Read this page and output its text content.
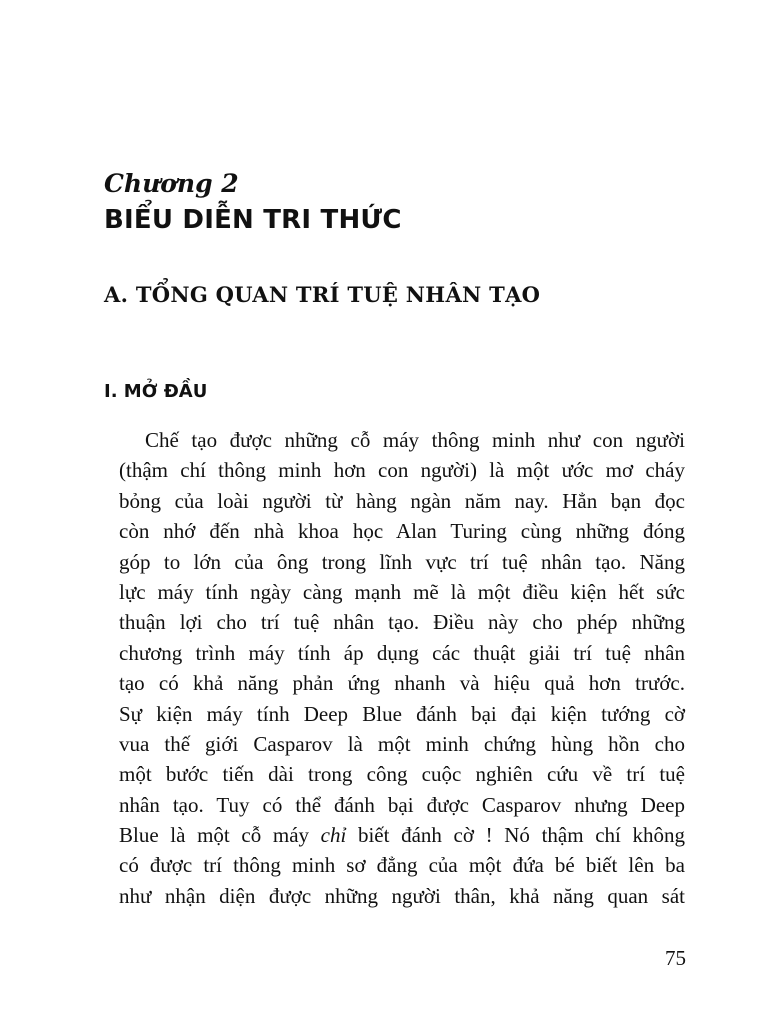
Chương 2
BIỂU DIỄN TRI THỨC
A. TỔNG QUAN TRÍ TUỆ NHÂN TẠO
I. MỞ ĐẦU
Chế tạo được những cỗ máy thông minh như con người
(thậm chí thông minh hơn con người) là một ước mơ cháy
bỏng của loài người từ hàng ngàn năm nay. Hẳn bạn đọc
còn nhớ đến nhà khoa học Alan Turing cùng những đóng
góp to lớn của ông trong lĩnh vực trí tuệ nhân tạo. Năng
lực máy tính ngày càng mạnh mẽ là một điều kiện hết sức
thuận lợi cho trí tuệ nhân tạo. Điều này cho phép những
chương trình máy tính áp dụng các thuật giải trí tuệ nhân
tạo có khả năng phản ứng nhanh và hiệu quả hơn trước.
Sự kiện máy tính Deep Blue đánh bại đại kiện tướng cờ
vua thế giới Casparov là một minh chứng hùng hồn cho
một bước tiến dài trong công cuộc nghiên cứu về trí tuệ
nhân tạo. Tuy có thể đánh bại được Casparov nhưng Deep
Blue là một cỗ máy chỉ biết đánh cờ ! Nó thậm chí không
có được trí thông minh sơ đẳng của một đứa bé biết lên ba
như nhận diện được những người thân, khả năng quan sát
75
